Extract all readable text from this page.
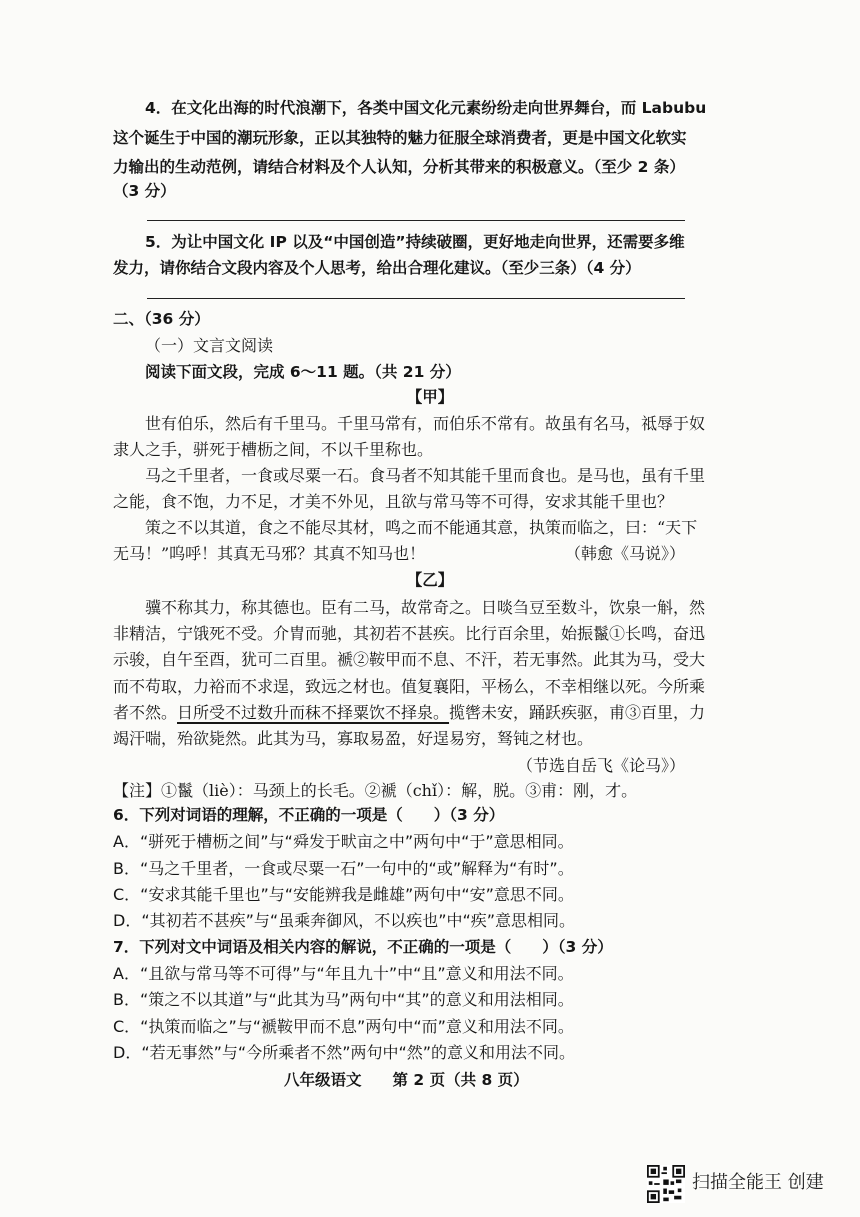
4．在文化出海的时代浪潮下，各类中国文化元素纷纷走向世界舞台，而 Labubu
这个诞生于中国的潮玩形象，正以其独特的魅力征服全球消费者，更是中国文化软实
力输出的生动范例，请结合材料及个人认知，分析其带来的积极意义。（至少 2 条）
（3 分）
5．为让中国文化 IP 以及“中国创造”持续破圈，更好地走向世界，还需要多维
发力，请你结合文段内容及个人思考，给出合理化建议。（至少三条）（4 分）
二、（36 分）
（一）文言文阅读
阅读下面文段，完成 6～11 题。（共 21 分）
【甲】
世有伯乐，然后有千里马。千里马常有，而伯乐不常有。故虽有名马，祗辱于奴
隶人之手，骈死于槽枥之间，不以千里称也。
马之千里者，一食或尽粟一石。食马者不知其能千里而食也。是马也，虽有千里
之能，食不饱，力不足，才美不外见，且欲与常马等不可得，安求其能千里也？
策之不以其道，食之不能尽其材，鸣之而不能通其意，执策而临之，曰：“天下
无马！”呜呼！其真无马邪？其真不知马也！	（韩愈《马说》）
【乙】
骥不称其力，称其德也。臣有二马，故常奇之。日啖刍豆至数斗，饮泉一斛，然
非精洁，宁饿死不受。介胄而驰，其初若不甚疾。比行百余里，始振鬣①长鸣，奋迅
示骏，自午至酉，犹可二百里。褫②鞍甲而不息、不汗，若无事然。此其为马，受大
而不苟取，力裕而不求逞，致远之材也。值复襄阳，平杨么，不幸相继以死。今所乘
者不然。日所受不过数升而秣不择粟饮不择泉。揽辔未安，踊跃疾驱，甫③百里，力
竭汗喘，殆欲毙然。此其为马，寡取易盈，好逞易穷，驽钝之材也。
（节选自岳飞《论马》）
【注】①鬣（liè）：马颈上的长毛。②褫（chǐ）：解，脱。③甫：刚，才。
6．下列对词语的理解，不正确的一项是（　　）（3 分）
A．“骈死于槽枥之间”与“舜发于畎亩之中”两句中“于”意思相同。
B．“马之千里者，一食或尽粟一石”一句中的“或”解释为“有时”。
C．“安求其能千里也”与“安能辨我是雌雄”两句中“安”意思不同。
D．“其初若不甚疾”与“虽乘奔御风，不以疾也”中“疾”意思相同。
7．下列对文中词语及相关内容的解说，不正确的一项是（　　）（3 分）
A．“且欲与常马等不可得”与“年且九十”中“且”意义和用法不同。
B．“策之不以其道”与“此其为马”两句中“其”的意义和用法相同。
C．“执策而临之”与“褫鞍甲而不息”两句中“而”意义和用法不同。
D．“若无事然”与“今所乘者不然”两句中“然”的意义和用法不同。
八年级语文　　第 2 页（共 8 页）
扫描全能王 创建
